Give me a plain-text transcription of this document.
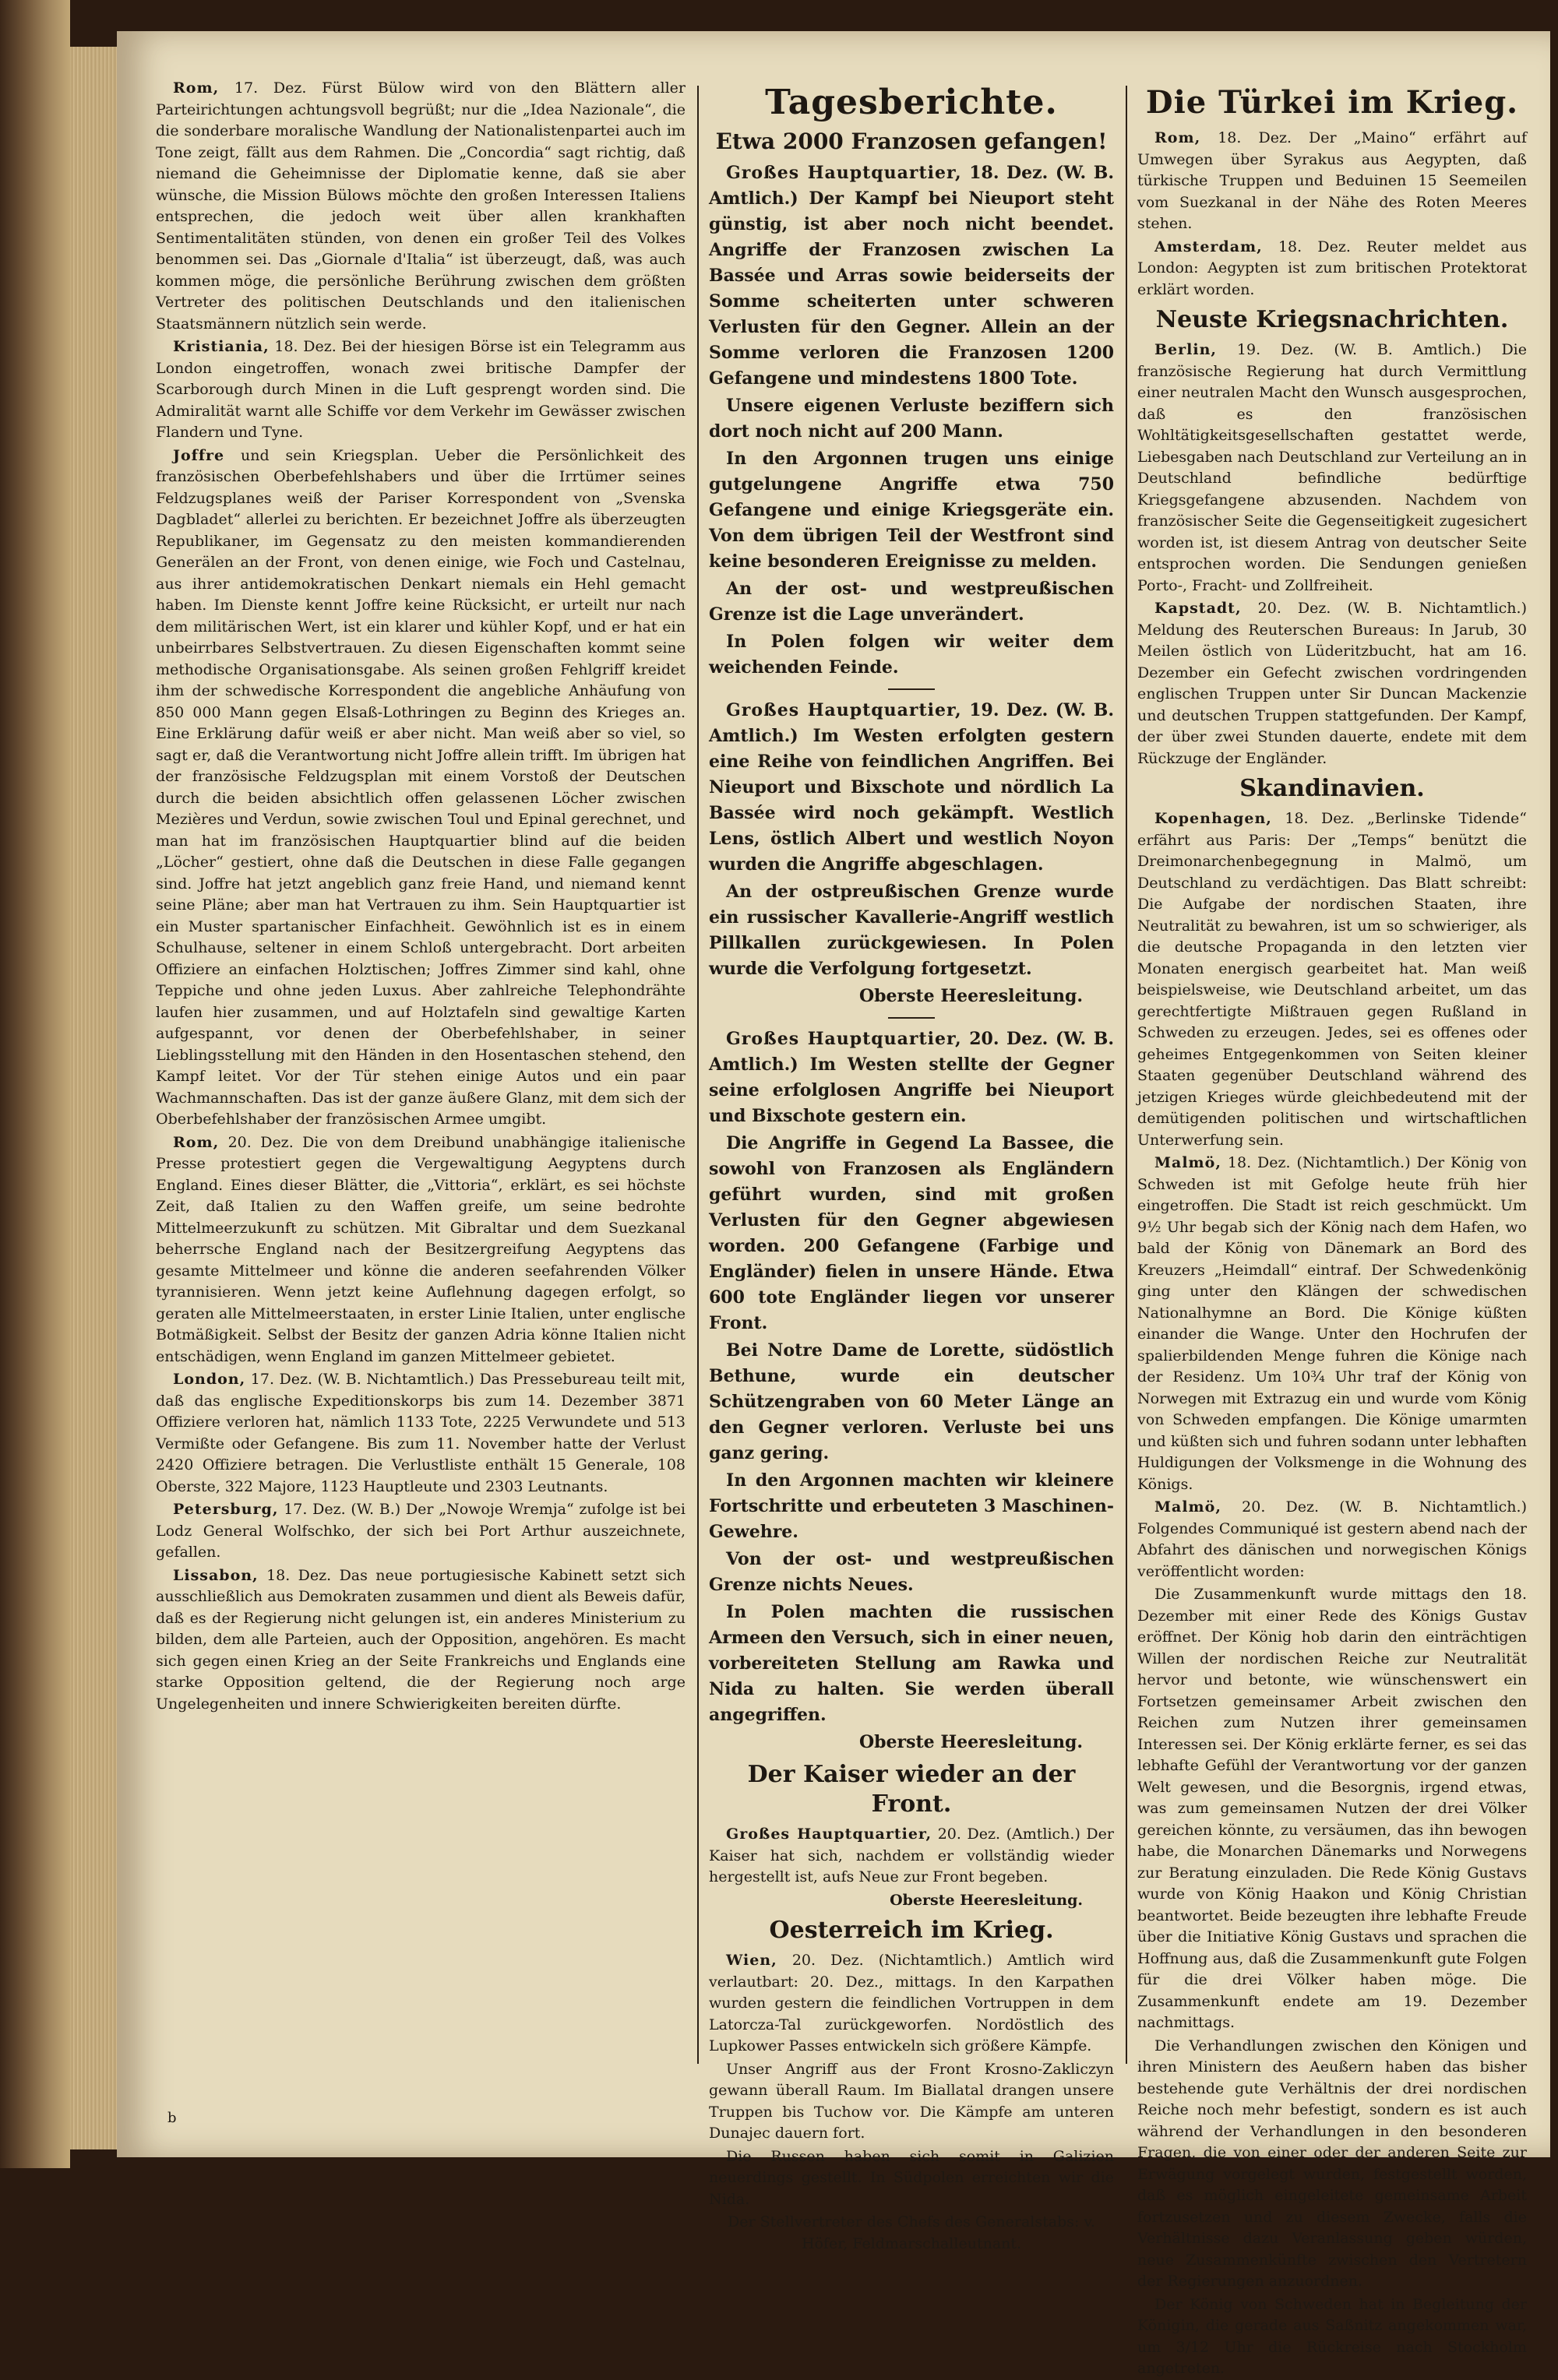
Rom, 17. Dez. Fürst Bülow wird von den Blättern aller Parteirichtungen achtungsvoll begrüßt; nur die „Idea Nazionale“, die die sonderbare moralische Wandlung der Nationalistenpartei auch im Tone zeigt, fällt aus dem Rahmen. Die „Concordia“ sagt richtig, daß niemand die Geheimnisse der Diplomatie kenne, daß sie aber wünsche, die Mission Bülows möchte den großen Interessen Italiens entsprechen, die jedoch weit über allen krankhaften Sentimentalitäten stünden, von denen ein großer Teil des Volkes benommen sei. Das „Giornale d'Italia“ ist überzeugt, daß, was auch kommen möge, die persönliche Berührung zwischen dem größten Vertreter des politischen Deutschlands und den italienischen Staatsmännern nützlich sein werde.

Kristiania, 18. Dez. Bei der hiesigen Börse ist ein Telegramm aus London eingetroffen, wonach zwei britische Dampfer der Scarborough durch Minen in die Luft gesprengt worden sind. Die Admiralität warnt alle Schiffe vor dem Verkehr im Gewässer zwischen Flandern und Tyne.

Joffre und sein Kriegsplan. Ueber die Persönlichkeit des französischen Oberbefehlshabers und über die Irrtümer seines Feldzugsplanes weiß der Pariser Korrespondent von „Svenska Dagbladet“ allerlei zu berichten. Er bezeichnet Joffre als überzeugten Republikaner, im Gegensatz zu den meisten kommandierenden Generälen an der Front, von denen einige, wie Foch und Castelnau, aus ihrer antidemokratischen Denkart niemals ein Hehl gemacht haben. Im Dienste kennt Joffre keine Rücksicht, er urteilt nur nach dem militärischen Wert, ist ein klarer und kühler Kopf, und er hat ein unbeirrbares Selbstvertrauen. Zu diesen Eigenschaften kommt seine methodische Organisationsgabe. Als seinen großen Fehlgriff kreidet ihm der schwedische Korrespondent die angebliche Anhäufung von 850 000 Mann gegen Elsaß-Lothringen zu Beginn des Krieges an. Eine Erklärung dafür weiß er aber nicht. Man weiß aber so viel, so sagt er, daß die Verantwortung nicht Joffre allein trifft. Im übrigen hat der französische Feldzugsplan mit einem Vorstoß der Deutschen durch die beiden absichtlich offen gelassenen Löcher zwischen Mezières und Verdun, sowie zwischen Toul und Epinal gerechnet, und man hat im französischen Hauptquartier blind auf die beiden „Löcher“ gestiert, ohne daß die Deutschen in diese Falle gegangen sind. Joffre hat jetzt angeblich ganz freie Hand, und niemand kennt seine Pläne; aber man hat Vertrauen zu ihm. Sein Hauptquartier ist ein Muster spartanischer Einfachheit. Gewöhnlich ist es in einem Schulhause, seltener in einem Schloß untergebracht. Dort arbeiten Offiziere an einfachen Holztischen; Joffres Zimmer sind kahl, ohne Teppiche und ohne jeden Luxus. Aber zahlreiche Telephondrähte laufen hier zusammen, und auf Holztafeln sind gewaltige Karten aufgespannt, vor denen der Oberbefehlshaber, in seiner Lieblingsstellung mit den Händen in den Hosentaschen stehend, den Kampf leitet. Vor der Tür stehen einige Autos und ein paar Wachmannschaften. Das ist der ganze äußere Glanz, mit dem sich der Oberbefehlshaber der französischen Armee umgibt.

Rom, 20. Dez. Die von dem Dreibund unabhängige italienische Presse protestiert gegen die Vergewaltigung Aegyptens durch England. Eines dieser Blätter, die „Vittoria“, erklärt, es sei höchste Zeit, daß Italien zu den Waffen greife, um seine bedrohte Mittelmeerzukunft zu schützen. Mit Gibraltar und dem Suezkanal beherrsche England nach der Besitzergreifung Aegyptens das gesamte Mittelmeer und könne die anderen seefahrenden Völker tyrannisieren. Wenn jetzt keine Auflehnung dagegen erfolgt, so geraten alle Mittelmeerstaaten, in erster Linie Italien, unter englische Botmäßigkeit. Selbst der Besitz der ganzen Adria könne Italien nicht entschädigen, wenn England im ganzen Mittelmeer gebietet.

London, 17. Dez. (W. B. Nichtamtlich.) Das Pressebureau teilt mit, daß das englische Expeditionskorps bis zum 14. Dezember 3871 Offiziere verloren hat, nämlich 1133 Tote, 2225 Verwundete und 513 Vermißte oder Gefangene. Bis zum 11. November hatte der Verlust 2420 Offiziere betragen. Die Verlustliste enthält 15 Generale, 108 Oberste, 322 Majore, 1123 Hauptleute und 2303 Leutnants.

Petersburg, 17. Dez. (W. B.) Der „Nowoje Wremja“ zufolge ist bei Lodz General Wolfschko, der sich bei Port Arthur auszeichnete, gefallen.

Lissabon, 18. Dez. Das neue portugiesische Kabinett setzt sich ausschließlich aus Demokraten zusammen und dient als Beweis dafür, daß es der Regierung nicht gelungen ist, ein anderes Ministerium zu bilden, dem alle Parteien, auch der Opposition, angehören. Es macht sich gegen einen Krieg an der Seite Frankreichs und Englands eine starke Opposition geltend, die der Regierung noch arge Ungelegenheiten und innere Schwierigkeiten bereiten dürfte.

Tagesberichte.
Etwa 2000 Franzosen gefangen!

Großes Hauptquartier, 18. Dez. (W. B. Amtlich.) Der Kampf bei Nieuport steht günstig, ist aber noch nicht beendet. Angriffe der Franzosen zwischen La Bassée und Arras sowie beiderseits der Somme scheiterten unter schweren Verlusten für den Gegner. Allein an der Somme verloren die Franzosen 1200 Gefangene und mindestens 1800 Tote.

Unsere eigenen Verluste beziffern sich dort noch nicht auf 200 Mann.

In den Argonnen trugen uns einige gutgelungene Angriffe etwa 750 Gefangene und einige Kriegsgeräte ein. Von dem übrigen Teil der Westfront sind keine besonderen Ereignisse zu melden.

An der ost- und westpreußischen Grenze ist die Lage unverändert.

In Polen folgen wir weiter dem weichenden Feinde.

Großes Hauptquartier, 19. Dez. (W. B. Amtlich.) Im Westen erfolgten gestern eine Reihe von feindlichen Angriffen. Bei Nieuport und Bixschote und nördlich La Bassée wird noch gekämpft. Westlich Lens, östlich Albert und westlich Noyon wurden die Angriffe abgeschlagen.

An der ostpreußischen Grenze wurde ein russischer Kavallerie-Angriff westlich Pillkallen zurückgewiesen. In Polen wurde die Verfolgung fortgesetzt.

Oberste Heeresleitung.

Großes Hauptquartier, 20. Dez. (W. B. Amtlich.) Im Westen stellte der Gegner seine erfolglosen Angriffe bei Nieuport und Bixschote gestern ein.

Die Angriffe in Gegend La Bassee, die sowohl von Franzosen als Engländern geführt wurden, sind mit großen Verlusten für den Gegner abgewiesen worden. 200 Gefangene (Farbige und Engländer) fielen in unsere Hände. Etwa 600 tote Engländer liegen vor unserer Front.

Bei Notre Dame de Lorette, südöstlich Bethune, wurde ein deutscher Schützengraben von 60 Meter Länge an den Gegner verloren. Verluste bei uns ganz gering.

In den Argonnen machten wir kleinere Fortschritte und erbeuteten 3 Maschinen-Gewehre.

Von der ost- und westpreußischen Grenze nichts Neues.

In Polen machten die russischen Armeen den Versuch, sich in einer neuen, vorbereiteten Stellung am Rawka und Nida zu halten. Sie werden überall angegriffen.

Oberste Heeresleitung.

Der Kaiser wieder an der Front.

Großes Hauptquartier, 20. Dez. (Amtlich.) Der Kaiser hat sich, nachdem er vollständig wieder hergestellt ist, aufs Neue zur Front begeben.

Oberste Heeresleitung.

Oesterreich im Krieg.

Wien, 20. Dez. (Nichtamtlich.) Amtlich wird verlautbart: 20. Dez., mittags. In den Karpathen wurden gestern die feindlichen Vortruppen in dem Latorcza-Tal zurückgeworfen. Nordöstlich des Lupkower Passes entwickeln sich größere Kämpfe.

Unser Angriff aus der Front Krosno-Zakliczyn gewann überall Raum. Im Biallatal drangen unsere Truppen bis Tuchow vor. Die Kämpfe am unteren Dunajec dauern fort.

Die Russen haben sich somit in Galizien neuerdings gestellt. In Südpolen erreichten wir die Nida.

Der Stellvertreter des Chefs des Generalstabs: v. Höfer, Feldmarschalleutnant.

Die Türkei im Krieg.

Rom, 18. Dez. Der „Maino“ erfährt auf Umwegen über Syrakus aus Aegypten, daß türkische Truppen und Beduinen 15 Seemeilen vom Suezkanal in der Nähe des Roten Meeres stehen.

Amsterdam, 18. Dez. Reuter meldet aus London: Aegypten ist zum britischen Protektorat erklärt worden.

Neuste Kriegsnachrichten.

Berlin, 19. Dez. (W. B. Amtlich.) Die französische Regierung hat durch Vermittlung einer neutralen Macht den Wunsch ausgesprochen, daß es den französischen Wohltätigkeitsgesellschaften gestattet werde, Liebesgaben nach Deutschland zur Verteilung an in Deutschland befindliche bedürftige Kriegsgefangene abzusenden. Nachdem von französischer Seite die Gegenseitigkeit zugesichert worden ist, ist diesem Antrag von deutscher Seite entsprochen worden. Die Sendungen genießen Porto-, Fracht- und Zollfreiheit.

Kapstadt, 20. Dez. (W. B. Nichtamtlich.) Meldung des Reuterschen Bureaus: In Jarub, 30 Meilen östlich von Lüderitzbucht, hat am 16. Dezember ein Gefecht zwischen vordringenden englischen Truppen unter Sir Duncan Mackenzie und deutschen Truppen stattgefunden. Der Kampf, der über zwei Stunden dauerte, endete mit dem Rückzuge der Engländer.

Skandinavien.

Kopenhagen, 18. Dez. „Berlinske Tidende“ erfährt aus Paris: Der „Temps“ benützt die Dreimonarchenbegegnung in Malmö, um Deutschland zu verdächtigen. Das Blatt schreibt: Die Aufgabe der nordischen Staaten, ihre Neutralität zu bewahren, ist um so schwieriger, als die deutsche Propaganda in den letzten vier Monaten energisch gearbeitet hat. Man weiß beispielsweise, wie Deutschland arbeitet, um das gerechtfertigte Mißtrauen gegen Rußland in Schweden zu erzeugen. Jedes, sei es offenes oder geheimes Entgegenkommen von Seiten kleiner Staaten gegenüber Deutschland während des jetzigen Krieges würde gleichbedeutend mit der demütigenden politischen und wirtschaftlichen Unterwerfung sein.

Malmö, 18. Dez. (Nichtamtlich.) Der König von Schweden ist mit Gefolge heute früh hier eingetroffen. Die Stadt ist reich geschmückt. Um 9½ Uhr begab sich der König nach dem Hafen, wo bald der König von Dänemark an Bord des Kreuzers „Heimdall“ eintraf. Der Schwedenkönig ging unter den Klängen der schwedischen Nationalhymne an Bord. Die Könige küßten einander die Wange. Unter den Hochrufen der spalierbildenden Menge fuhren die Könige nach der Residenz. Um 10¾ Uhr traf der König von Norwegen mit Extrazug ein und wurde vom König von Schweden empfangen. Die Könige umarmten und küßten sich und fuhren sodann unter lebhaften Huldigungen der Volksmenge in die Wohnung des Königs.

Malmö, 20. Dez. (W. B. Nichtamtlich.) Folgendes Communiqué ist gestern abend nach der Abfahrt des dänischen und norwegischen Königs veröffentlicht worden:

Die Zusammenkunft wurde mittags den 18. Dezember mit einer Rede des Königs Gustav eröffnet. Der König hob darin den einträchtigen Willen der nordischen Reiche zur Neutralität hervor und betonte, wie wünschenswert ein Fortsetzen gemeinsamer Arbeit zwischen den Reichen zum Nutzen ihrer gemeinsamen Interessen sei. Der König erklärte ferner, es sei das lebhafte Gefühl der Verantwortung vor der ganzen Welt gewesen, und die Besorgnis, irgend etwas, was zum gemeinsamen Nutzen der drei Völker gereichen könnte, zu versäumen, das ihn bewogen habe, die Monarchen Dänemarks und Norwegens zur Beratung einzuladen. Die Rede König Gustavs wurde von König Haakon und König Christian beantwortet. Beide bezeugten ihre lebhafte Freude über die Initiative König Gustavs und sprachen die Hoffnung aus, daß die Zusammenkunft gute Folgen für die drei Völker haben möge. Die Zusammenkunft endete am 19. Dezember nachmittags.

Die Verhandlungen zwischen den Königen und ihren Ministern des Aeußern haben das bisher bestehende gute Verhältnis der drei nordischen Reiche noch mehr befestigt, sondern es ist auch während der Verhandlungen in den besonderen Fragen, die von einer oder der anderen Seite zur Erwägung vorgelegt wurden, festgestellt worden, daß es möglich eingeleitete gemeinsame Arbeit fortzusetzen und zu diesem Zwecke, falls die Verhältnisse dazu Veranlassung geben würden, neue Zusammenkünfte zwischen den Vertretern der Regierungen anzuordnen.

Der König von Schweden hat in Begleitung der Königin, die gerade aus Saßnitz angekommen war, um 3/12 Uhr die Rückreise nach Stockholm angetreten.

b
